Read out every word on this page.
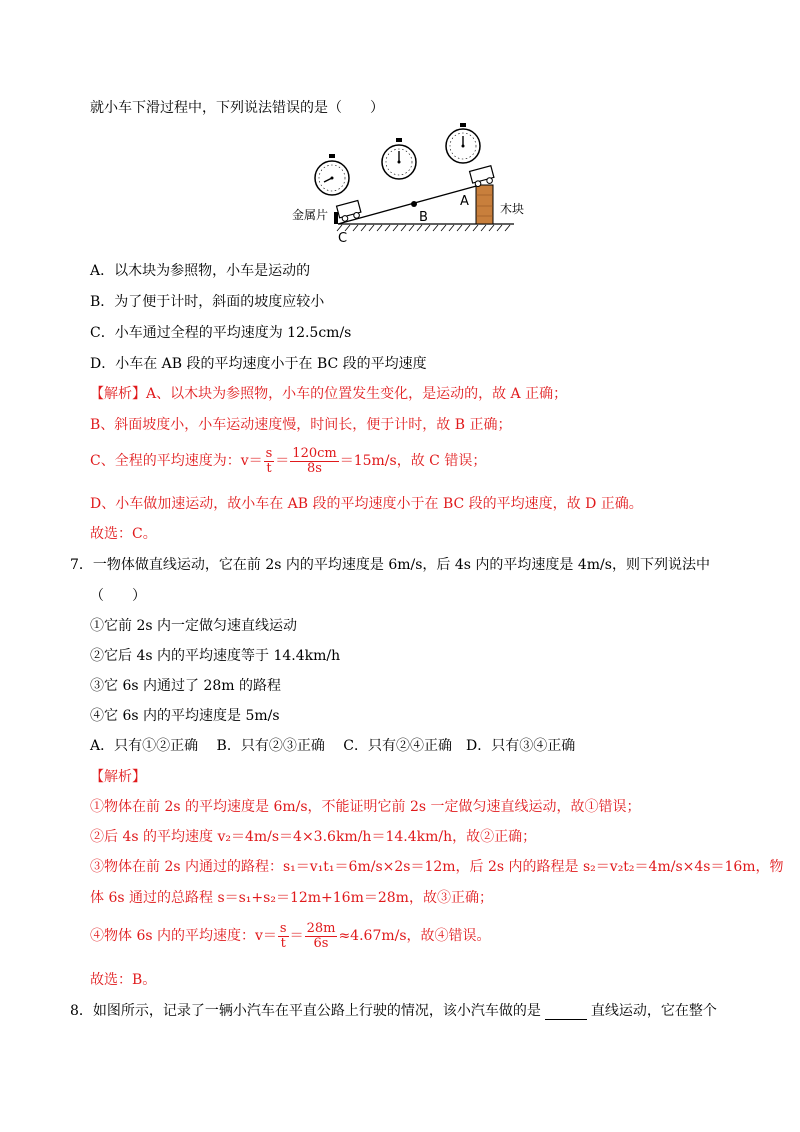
就小车下滑过程中，下列说法错误的是（　　）
金属片	木块
A
B
C
A．以木块为参照物，小车是运动的
B．为了便于计时，斜面的坡度应较小
C．小车通过全程的平均速度为 12.5cm/s
D．小车在 AB 段的平均速度小于在 BC 段的平均速度
【解析】A、以木块为参照物，小车的位置发生变化，是运动的，故 A 正确；
B、斜面坡度小，小车运动速度慢，时间长，便于计时，故 B 正确；
C、全程的平均速度为：$v= \frac{s}{t} = \frac{120cm}{8s} =15m/s$，故 C 错误；
D、小车做加速运动，故小车在 AB 段的平均速度小于在 BC 段的平均速度，故 D 正确。
故选：C。
7．一物体做直线运动，它在前 2s 内的平均速度是 6m/s，后 4s 内的平均速度是 4m/s，则下列说法中
（　　）
①它前 2s 内一定做匀速直线运动
②它后 4s 内的平均速度等于 14.4km/h
③它 6s 内通过了 28m 的路程
④它 6s 内的平均速度是 5m/s
A．只有①②正确　 B．只有②③正确　 C．只有②④正确　D．只有③④正确
【解析】
①物体在前 2s 的平均速度是 6m/s，不能证明它前 2s 一定做匀速直线运动，故①错误；
②后 4s 的平均速度 v₂＝4m/s＝4×3.6km/h＝14.4km/h，故②正确；
③物体在前 2s 内通过的路程：s₁＝v₁t₁＝6m/s×2s＝12m，后 2s 内的路程是 s₂＝v₂t₂＝4m/s×4s＝16m，物
体 6s 通过的总路程 s＝s₁+s₂＝12m+16m＝28m，故③正确；
④物体 6s 内的平均速度：$v= \frac{s}{t} = \frac{28m}{6s} \approx 4.67m/s$，故④错误。
故选：B。
8．如图所示，记录了一辆小汽车在平直公路上行驶的情况，该小汽车做的是	直线运动，它在整个
